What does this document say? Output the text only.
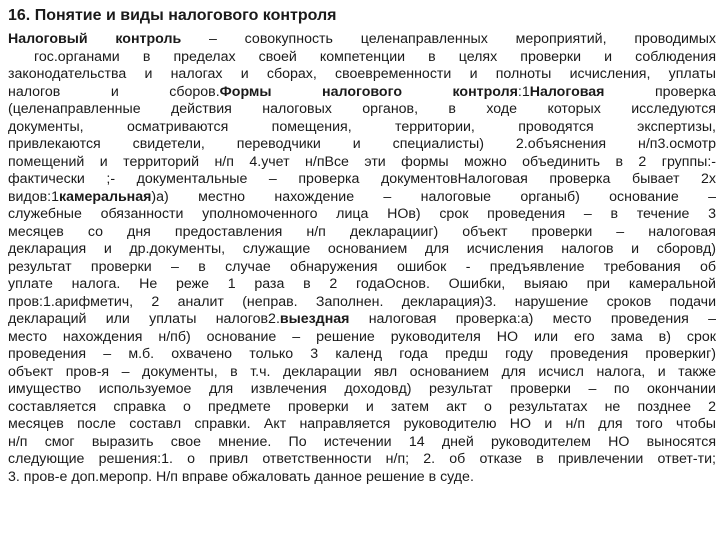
16. Понятие и виды налогового контроля
Налоговый контроль – совокупность целенаправленных мероприятий, проводимых
гос.органами в пределах своей компетенции в целях проверки и соблюдения
законодательства и налогах и сборах, своевременности и полноты исчисления, уплаты
налогов и сборов.Формы налогового контроля:1Налоговая проверка
(целенаправленные действия налоговых органов, в ходе которых исследуются
документы, осматриваются помещения, территории, проводятся экспертизы,
привлекаются свидетели, переводчики и специалисты) 2.объяснения н/п3.осмотр
помещений и территорий н/п 4.учет н/пВсе эти формы можно объединить в 2 группы:-
фактически ;- документальные – проверка документовНалоговая проверка бывает 2х
видов:1камеральная)а) местно нахождение – налоговые органыб) основание –
служебные обязанности уполномоченного лица НОв) срок проведения – в течение 3
месяцев со дня предоставления н/п декларацииг) объект проверки – налоговая
декларация и др.документы, служащие основанием для исчисления налогов и сборовд)
результат проверки – в случае обнаружения ошибок - предъявление требования об
уплате налога. Не реже 1 раза в 2 годаОснов. Ошибки, выяаю при камеральной
пров:1.арифметич, 2 аналит (неправ. Заполнен. декларация)3. нарушение сроков подачи
деклараций или уплаты налогов2.выездная налоговая проверка:а) место проведения –
место нахождения н/пб) основание – решение руководителя НО или его зама в) срок
проведения – м.б. охвачено только 3 календ года предш году проведения проверкиг)
объект пров-я – документы, в т.ч. декларации явл основанием для исчисл налога, и также
имущество используемое для извлечения доходовд) результат проверки – по окончании
составляется справка о предмете проверки и затем акт о результатах не позднее 2
месяцев после составл справки. Акт направляется руководителю НО и н/п для того чтобы
н/п смог выразить свое мнение. По истечении 14 дней руководителем НО выносятся
следующие решения:1. о привл ответственности н/п; 2. об отказе в привлечении ответ-ти;
3. пров-е доп.меропр. Н/п вправе обжаловать данное решение в суде.
